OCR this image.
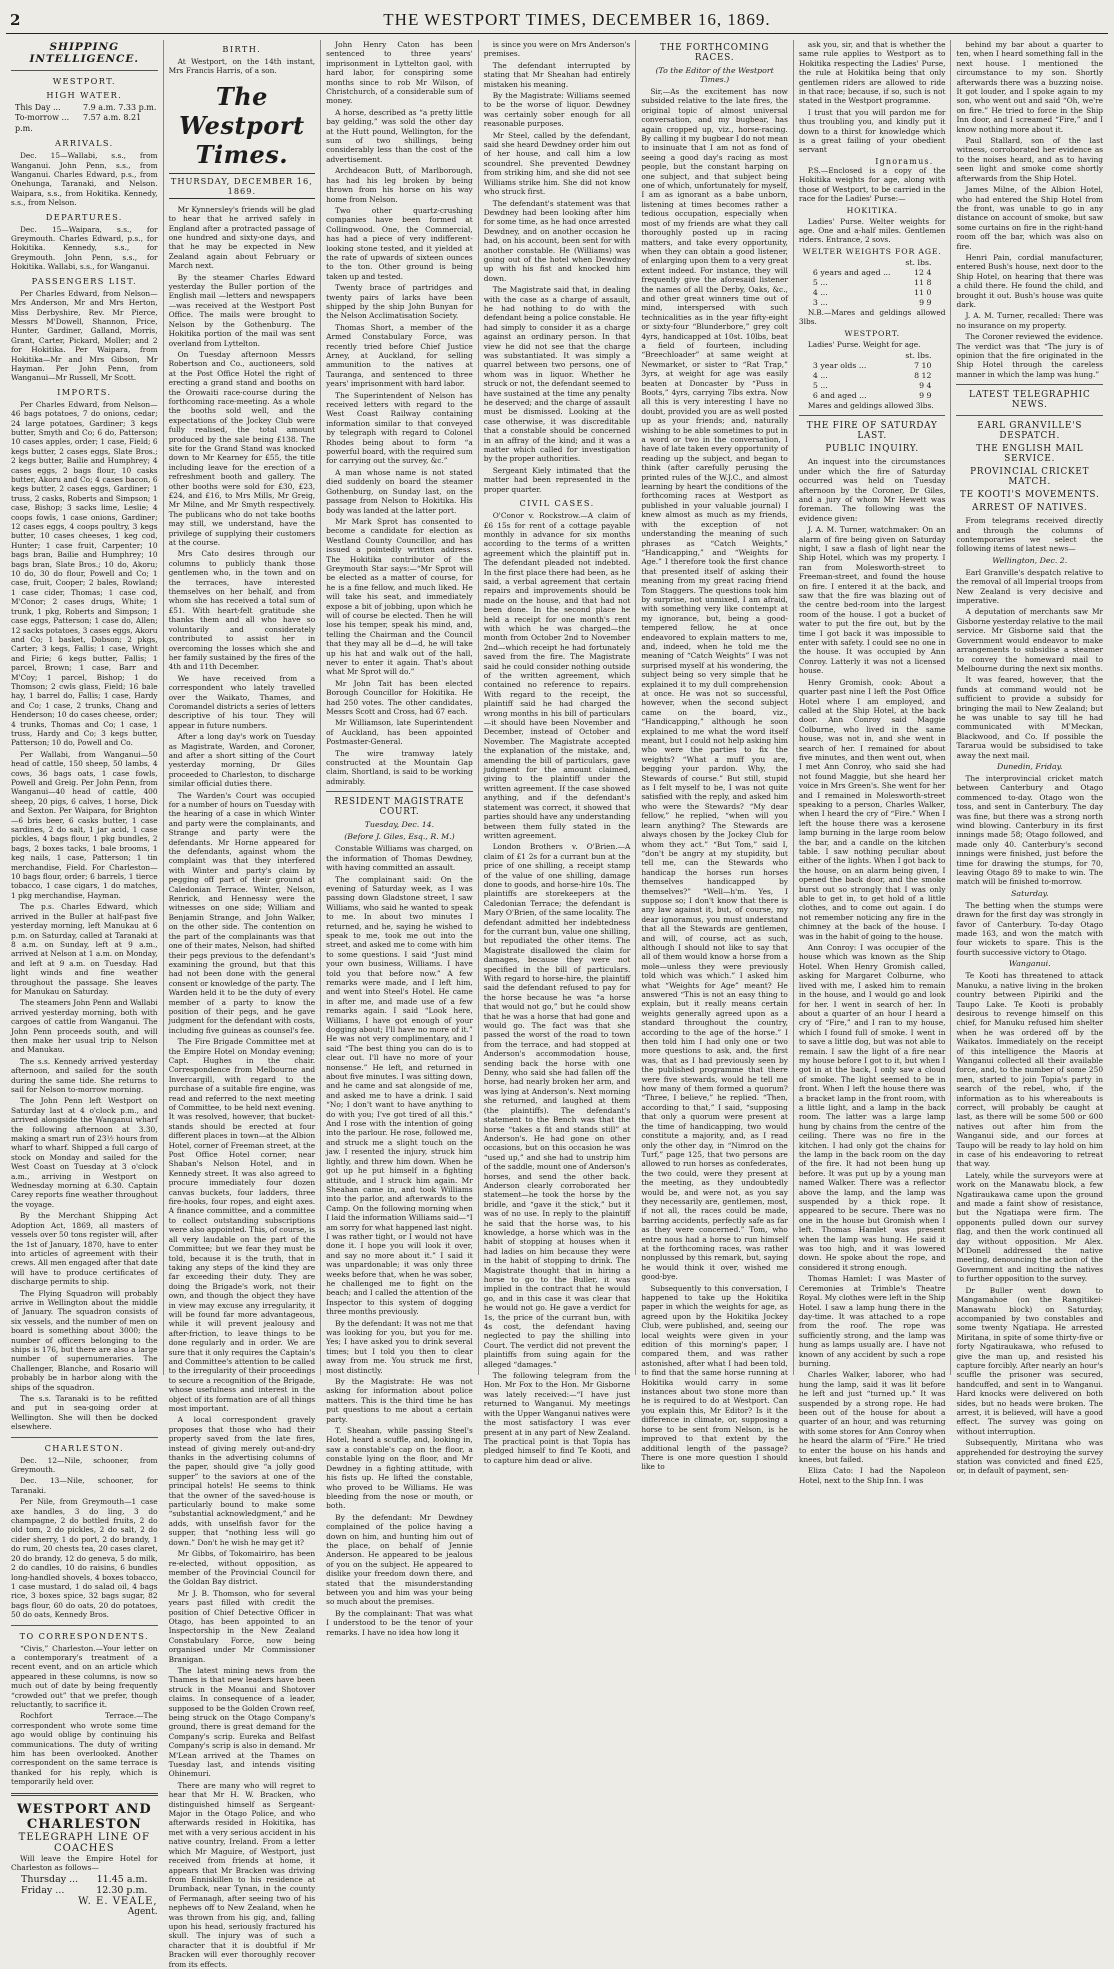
2	THE WESTPORT TIMES, DECEMBER 16, 1869.
SHIPPING INTELLIGENCE.
WESTPORT.
HIGH WATER.
This Day ...	7.9 a.m. 7.33 p.m.
To-morrow ... 7.57 a.m. 8.21 p.m.
ARRIVALS.

Dec. 15—Wallabi, s.s., from Wanganui. John Penn, s.s., from Wanganui. Charles Edward, p.s., from Onehunga, Taranaki, and Nelson. Waipara, s.s., from Hokitika. Kennedy, s.s., from Nelson.

DEPARTURES.

Dec. 15—Waipara, s.s., for Greymouth. Charles Edward, p.s., for Hokitika. Kennedy, s.s., for Greymouth. John Penn, s.s., for Hokitika. Wallabi, s.s., for Wanganui.

PASSENGERS LIST.

Per Charles Edward, from Nelson—Mrs Anderson, Mr and Mrs Herton, Miss Derbyshire, Rev. Mr Pierce, Messrs M'Dowell, Shannon, Price, Hunter, Gardiner, Galland, Morris, Grant, Carter, Pickard, Moller; and 2 for Hokitika. Per Waipara, from Hokitika—Mr and Mrs Gibson, Mr Hayman. Per John Penn, from Wanganui—Mr Russell, Mr Scott.

IMPORTS.

Per Charles Edward, from Nelson—46 bags potatoes, 7 do onions, cedar; 24 large potatoes, Gardiner; 3 kegs butter, Smyth and Co; 6 do, Patterson; 10 cases apples, order; 1 case, Field; 6 kegs butter, 2 cases eggs, Slate Bros.; 2 kegs butter, Bailie and Humphrey; 4 cases eggs, 2 bags flour, 10 casks butter, Akoru and Co; 4 cases bacon, 6 kegs butter, 2 cases eggs, Gardiner; 1 truss, 2 casks, Roberts and Simpson; 1 case, Bishop; 3 sacks lime, Leslie; 4 coops fowls, 1 case onions, Gardiner; 12 cases eggs, 4 coops poultry, 3 kegs butter, 10 cases cheeses, 1 keg cod, Hunter; 1 case fruit, Carpenter; 10 bags bran, Bailie and Humphrey; 10 bags bran, Slate Bros.; 10 do, Akoru; 10 do, 30 do flour, Powell and Co; 1 case, fruit, Cooper; 2 bales, Rowland; 1 case cider, Thomas; 1 case cod, M'Conor; 2 cases drugs, White; 1 trunk, 1 pkg, Roberts and Simpson; 1 case eggs, Patterson; 1 case do, Allen; 12 sacks potatoes, 3 cases eggs, Akoru and Co; 1 basket, Dobson; 2 pkgs, Carter; 3 kegs, Fallis; 1 case, Wright and Firie; 6 kegs butter, Fallis; 1 parcel, Brown; 1 case, Barr and M'Coy; 1 parcel, Bishop; 1 do Thomson; 2 cwls glass, Field; 16 bale hay, 1 barrel do, Fallis; 1 case, Hardy and Co; 1 case, 2 trunks, Chang and Henderson; 10 do cases cheese, order; 4 trunks, Thomas and Co; 1 case, 1 truss, Hardy and Co; 3 kegs butter, Patterson; 10 do, Powell and Co.

Per Wallabi, from Wanganui—50 head of cattle, 150 sheep, 50 lambs, 4 cows, 36 bags oats, 1 case fowls, Powell and Greig. Per John Penn, from Wanganui—40 head of cattle, 400 sheep, 20 pigs, 6 calves, 1 horse, Dick and Sexton. Per Waipara, for Brighton—6 bris beer, 6 casks butter, 1 case sardines, 2 do salt, 1 jar acid, 1 case pickles, 4 bags flour, 1 pkg bundles, 2 bags, 2 boxes tacks, 1 bale brooms, 1 keg nails, 1 case, Patterson; 1 tin merchandise, Field. For Charleston—10 bags flour, order; 6 barrels, 1 tierce tobacco, 1 case cigars, 1 do matches, 1 pkg merchandise, Hayman.

The p.s. Charles Edward, which arrived in the Buller at half-past five yesterday morning, left Manukau at 6 p.m. on Saturday, called at Taranaki at 8 a.m. on Sunday, left at 9 a.m., arrived at Nelson at 1 a.m. on Monday, and left at 9 a.m. on Tuesday. Had light winds and fine weather throughout the passage. She leaves for Manukau on Saturday.

The steamers John Penn and Wallabi arrived yesterday morning, both with cargoes of cattle from Wanganui. The John Penn proceeds south, and will then make her usual trip to Nelson and Manukau.

The s.s. Kennedy arrived yesterday afternoon, and sailed for the south during the same tide. She returns to sail for Nelson to-morrow morning.

The John Penn left Westport on Saturday last at 4 o'clock p.m., and arrived alongside the Wanganui wharf the following afternoon at 3.30, making a smart run of 23½ hours from wharf to wharf. Shipped a full cargo of stock on Monday and sailed for the West Coast on Tuesday at 3 o'clock a.m., arriving in Westport on Wednesday morning at 6.30. Captain Carey reports fine weather throughout the voyage.

By the Merchant Shipping Act Adoption Act, 1869, all masters of vessels over 50 tons register will, after the 1st of January, 1870, have to enter into articles of agreement with their crews. All men engaged after that date will have to produce certificates of discharge permits to ship.

The Flying Squadron will probably arrive in Wellington about the middle of January. The squadron consists of six vessels, and the number of men on board is something about 3000; the number of officers belonging to the ships is 176, but there are also a large number of supernumeraries. The Challenger, Blanche, and Rosario will probably be in harbor along with the ships of the squadron.

The s.s. Taranaki is to be refitted and put in sea-going order at Wellington. She will then be docked elsewhere.

CHARLESTON.

Dec. 12—Nile, schooner, from Greymouth.

Dec. 13—Nile, schooner, for Taranaki.

Per Nile, from Greymouth—1 case axe handles, 3 do ling, 3 do champagne, 2 do bottled fruits, 2 do old tom, 2 do pickles, 2 do salt, 2 do cider sherry, 1 do port, 2 do brandy, 1 do rum, 20 chests tea, 20 cases claret, 20 do brandy, 12 do geneva, 5 do milk, 2 do candles, 10 do raisins, 6 bundles long-handled shovels, 4 boxes tobacco, 1 case mustard, 1 do salad oil, 4 bags rice, 3 boxes spice, 32 bags sugar, 82 bags flour, 60 do oats, 20 do potatoes, 50 do oats, Kennedy Bros.

TO CORRESPONDENTS.

“Civis,” Charleston.—Your letter on a contemporary's treatment of a recent event, and on an article which appeared in these columns, is now so much out of date by being frequently “crowded out” that we prefer, though reluctantly, to sacrifice it.

Rochfort Terrace.—The correspondent who wrote some time ago would oblige by continuing his communications. The duty of writing him has been overlooked. Another correspondent on the same terrace is thanked for his reply, which is temporarily held over.

WESTPORT AND CHARLESTON
TELEGRAPH LINE OF
COACHES

Will leave the Empire Hotel for Charleston as follows—

Thursday ... 11.45 a.m.
Friday ...	12.30 p.m.
W. E. VEALE,
Agent.
BIRTH.

At Westport, on the 14th instant, Mrs Francis Harris, of a son.

The Westport Times.
THURSDAY, DECEMBER 16, 1869.

Mr Kynnersley's friends will be glad to hear that he arrived safely in England after a protracted passage of one hundred and sixty-one days, and that he may be expected in New Zealand again about February or March next.

By the steamer Charles Edward yesterday the Buller portion of the English mail —letters and newspapers—was received at the Westport Post Office. The mails were brought to Nelson by the Gothenburg. The Hokitika portion of the mail was sent overland from Lyttelton.

On Tuesday afternoon Messrs Robertson and Co., auctioneers, sold at the Post Office Hotel the right of erecting a grand stand and booths on the Orowaiti race-course during the forthcoming race-meeting. As a whole the booths sold well, and the expectations of the Jockey Club were fully realised, the total amount produced by the sale being £138. The site for the Grand Stand was knocked down to Mr Kearney for £55, the title including leave for the erection of a refreshment booth and gallery. The other booths were sold for £30, £23, £24, and £16, to Mrs Mills, Mr Greig, Mr Milne, and Mr Smyth respectively. The publicans who do not take booths may still, we understand, have the privilege of supplying their customers at the course.

Mrs Cato desires through our columns to publicly thank those gentlemen who, in the town and on the terraces, have interested themselves on her behalf, and from whom she has received a total sum of £51. With heart-felt gratitude she thanks them and all who have so voluntarily and considerately contributed to assist her in overcoming the losses which she and her family sustained by the fires of the 4th and 11th December.

We have received from a correspondent who lately travelled over the Waikato, Thames, and Coromandel districts a series of letters descriptive of his tour. They will appear in future numbers.

After a long day's work on Tuesday as Magistrate, Warden, and Coroner, and after a short sitting of the Court yesterday morning, Dr Giles proceeded to Charleston, to discharge similar official duties there.

The Warden's Court was occupied for a number of hours on Tuesday with the hearing of a case in which Winter and party were the complainants, and Strange and party were the defendants. Mr Horne appeared for the defendants, against whom the complaint was that they interfered with Winter and party's claim by pegging off part of their ground at Caledonian Terrace. Winter, Nelson, Renrick, and Hennessy were the witnesses on one side; William and Benjamin Strange, and John Walker, on the other side. The contention on the part of the complainants was that one of their mates, Nelson, had shifted their pegs previous to the defendant's examining the ground, but that this had not been done with the general consent or knowledge of the party. The Warden held it to be the duty of every member of a party to know the position of their pegs, and he gave judgment for the defendant with costs, including five guineas as counsel's fee.

The Fire Brigade Committee met at the Empire Hotel on Monday evening; Capt. Hughes in the chair. Correspondence from Melbourne and Invercargill, with regard to the purchase of a suitable fire engine, was read and referred to the next meeting of Committee, to be held next evening. It was resolved, however, that bucket-stands should be erected at four different places in town—at the Albion Hotel, corner of Freeman street, at the Post Office Hotel corner, near Shaban's Nelson Hotel, and in Kennedy street. It was also agreed to procure immediately four dozen canvas buckets, four ladders, three fire-hooks, four ropes, and eight axes. A finance committee, and a committee to collect outstanding subscriptions were also appointed. This, of course, is all very laudable on the part of the Committee; but we fear they must be told, because it is the truth, that in taking any steps of the kind they are far exceeding their duty. They are doing the Brigade's work, not their own, and though the object they have in view may excuse any irregularity, it will be found far more advantageous, while it will prevent jealousy and after-friction, to leave things to be done regularly and in order. We are sure that it only requires the Captain's and Committee's attention to be called to the irregularity of their proceedings to secure a recognition of the Brigade, whose usefulness and interest in the object of its formation are of all things most important.

A local correspondent gravely proposes that those who had their property saved from the late fires, instead of giving merely out-and-dry thanks in the advertising columns of the paper, should give “a jolly good supper” to the saviors at one of the principal hotels! He seems to think that the owner of the saved-house is particularly bound to make some “substantial acknowledgment,” and he adds, with unselfish favor for the supper, that “nothing less will go down.” Don't he wish he may get it?

Mr Gibbs, of Tokomairiro, has been re-elected, without opposition, as member of the Provincial Council for the Goldan Bay district.

Mr J. B. Thomson, who for several years past filled with credit the position of Chief Detective Officer in Otago, has been appointed to an Inspectorship in the New Zealand Constabulary Force, now being organised under Mr Commissioner Branigan.

The latest mining news from the Thames is that new leaders have been struck in the Moanui and Shotover claims. In consequence of a leader, supposed to be the Golden Crown reef, being struck on the Otago Company's ground, there is great demand for the Company's scrip. Eureka and Belfast Company's scrip is also in demand. Mr M'Lean arrived at the Thames on Tuesday last, and intends visiting Ohinemuri.

There are many who will regret to hear that Mr H. W. Bracken, who distinguished himself as Sergeant-Major in the Otago Police, and who afterwards resided in Hokitika, has met with a very serious accident in his native country, Ireland. From a letter which Mr Maguire, of Westport, just received from friends at home, it appears that Mr Bracken was driving from Enniskillen to his residence at Drumback, near Tynan, in the county of Fermanagh, after seeing two of his nephews off to New Zealand, when he was thrown from his gig, and, falling upon his head, seriously fractured his skull. The injury was of such a character that it is doubtful if Mr Bracken will ever thoroughly recover from its effects.

John Henry Caton has been sentenced to three years' imprisonment in Lyttelton gaol, with hard labor, for conspiring some months since to rob Mr Wilson, of Christchurch, of a considerable sum of money.

A horse, described as “a pretty little bay gelding,” was sold the other day at the Hutt pound, Wellington, for the sum of two shillings, being considerably less than the cost of the advertisement.

Archdeacon Butt, of Marlborough, has had his leg broken by being thrown from his horse on his way home from Nelson.

Two other quartz-crushing companies have been formed at Collingwood. One, the Commercial, has had a piece of very indifferent-looking stone tested, and it yielded at the rate of upwards of sixteen ounces to the ton. Other ground is being taken up and tested.

Twenty brace of partridges and twenty pairs of larks have been shipped by the ship John Bunyan for the Nelson Acclimatisation Society.

Thomas Short, a member of the Armed Constabulary Force, was recently tried before Chief Justice Arney, at Auckland, for selling ammunition to the natives at Tauranga, and sentenced to three years' imprisonment with hard labor.

The Superintendent of Nelson has received letters with regard to the West Coast Railway containing information similar to that conveyed by telegraph with regard to Colonel Rhodes being about to form “a powerful board, with the required sum for carrying out the survey, &c.”

A man whose name is not stated died suddenly on board the steamer Gothenburg, on Sunday last, on the passage from Nelson to Hokitika. His body was landed at the latter port.

Mr Mark Sprot has consented to become a candidate for election as Westland County Councillor, and has issued a pointedly written address. The Hokitika contributor of the Greymouth Star says:—“Mr Sprot will be elected as a matter of course, for he is a fine fellow, and much liked. He will take his seat, and immediately expose a bit of jobbing, upon which he will of course be elected. Then he will lose his temper, speak his mind, and, telling the Chairman and the Council that they may all be d—d, he will take up his hat and walk out of the hall, never to enter it again. That's about what Mr Sprot will do.”

Mr John Tait has been elected Borough Councillor for Hokitika. He had 250 votes. The other candidates, Messrs Scott and Cross, had 67 each.

Mr Williamson, late Superintendent of Auckland, has been appointed Postmaster-General.

The wire tramway lately constructed at the Mountain Gap claim, Shortland, is said to be working admirably.

RESIDENT MAGISTRATE COURT.
Tuesday, Dec. 14.
(Before J. Giles, Esq., R. M.)

Constable Williams was charged, on the information of Thomas Dewdney, with having committed an assault.

The complainant said: On the evening of Saturday week, as I was passing down Gladstone street, I saw Williams, who said he wanted to speak to me. In about two minutes I returned, and he, saying he wished to speak to me, took me out into the street, and asked me to come with him to some questions. I said “Just mind your own business, Williams. I have told you that before now.” A few remarks were made, and I left him, and went into Steel's Hotel. He came in after me, and made use of a few remarks again. I said “Look here, Williams, I have got enough of your dogging about; I'll have no more of it.” He was not very complimentary, and I said “The best thing you can do is to clear out. I'll have no more of your nonsense.” He left, and returned in about five minutes. I was sitting down, and he came and sat alongside of me, and asked me to have a drink. I said “No; I don't want to have anything to do with you; I've got tired of all this.” And I rose with the intention of going into the parlour. He rose, followed me, and struck me a slight touch on the jaw. I resented the injury, struck him lightly, and threw him down. When he got up he put himself in a fighting attitude, and I struck him again. Mr Sheahan came in, and took Williams into the parlor, and afterwards to the Camp. On the following morning when I laid the information Williams said—“I am sorry for what happened last night. I was rather tight, or I would not have done it. I hope you will look it over, and say no more about it.” I said it was unpardonable; it was only three weeks before that, when he was sober, he challenged me to fight on the beach; and I called the attention of the Inspector to this system of dogging three months previously.

By the defendant: It was not me that was looking for you, but you for me. Yes; I have asked you to drink several times; but I told you then to clear away from me. You struck me first, most distinctly.

By the Magistrate: He was not asking for information about police matters. This is the third time he has put questions to me about a certain party.

T. Sheahan, while passing Steel's Hotel, heard a scuffle, and, looking in, saw a constable's cap on the floor, a constable lying on the floor, and Mr Dewdney in a fighting attitude, with his fists up. He lifted the constable, who proved to be Williams. He was bleeding from the nose or mouth, or both.

By the defendant: Mr Dewdney complained of the police having a down on him, and hunting him out of the place, on behalf of Jennie Anderson. He appeared to be jealous of you on the subject. He appeared to dislike your freedom down there, and stated that the misunderstanding between you and him was your being so much about the premises.

By the complainant: That was what I understood to be the tenor of your remarks. I have no idea how long it

is since you were on Mrs Anderson's premises.

The defendant interrupted by stating that Mr Sheahan had entirely mistaken his meaning.

By the Magistrate: Williams seemed to be the worse of liquor. Dewdney was certainly sober enough for all reasonable purposes.

Mr Steel, called by the defendant, said she heard Dewdney order him out of her house, and call him a low scoundrel. She prevented Dewdney from striking him, and she did not see Williams strike him. She did not know who struck first.

The defendant's statement was that Dewdney had been looking after him for some time, as he had once arrested Dewdney, and on another occasion he had, on his account, been sent for with another constable. He (Williams) was going out of the hotel when Dewdney up with his fist and knocked him down.

The Magistrate said that, in dealing with the case as a charge of assault, he had nothing to do with the defendant being a police constable. He had simply to consider it as a charge against an ordinary person. In that view he did not see that the charge was substantiated. It was simply a quarrel between two persons, one of whom was in liquor. Whether he struck or not, the defendant seemed to have sustained at the time any penalty he deserved; and the charge of assault must be dismissed. Looking at the case otherwise, it was discreditable that a constable should be concerned in an affray of the kind; and it was a matter which called for investigation by the proper authorities.

Sergeant Kiely intimated that the matter had been represented in the proper quarter.

CIVIL CASES.

O'Conor v. Rockstrow.—A claim of £6 15s for rent of a cottage payable monthly in advance for six months according to the terms of a written agreement which the plaintiff put in. The defendant pleaded not indebted. In the first place there had been, as he said, a verbal agreement that certain repairs and improvements should be made on the house, and that had not been done. In the second place he held a receipt for one month's rent with which he was charged—the month from October 2nd to November 2nd—which receipt he had fortunately saved from the fire. The Magistrate said he could consider nothing outside of the written agreement, which contained no reference to repairs. With regard to the receipt, the plaintiff said he had charged the wrong months in his bill of particulars—it should have been November and December, instead of October and November. The Magistrate accepted the explanation of the mistake, and, amending the bill of particulars, gave judgment for the amount claimed, giving to the plaintiff under the written agreement. If the case showed anything, and if the defendant's statement was correct, it showed that parties should have any understanding between them fully stated in the written agreement.

London Brothers v. O'Brien.—A claim of £1 2s for a currant bun at the price of one shilling, a receipt stamp of the value of one shilling, damage done to goods, and horse-hire 10s. The plaintiffs are storekeepers at the Caledonian Terrace; the defendant is Mary O'Brien, of the same locality. The defendant admitted her indebtedness for the currant bun, value one shilling, but repudiated the other items. The Magistrate disallowed the claim for damages, because they were not specified in the bill of particulars. With regard to horse-hire, the plaintiff said the defendant refused to pay for the horse because he was “a horse that would not go,” but he could show that he was a horse that had gone and would go. The fact was that she passed the worst of the road to town from the terrace, and had stopped at Anderson's accommodation house, sending back the horse with one Denny, who said she had fallen off the horse, had nearly broken her arm, and was lying at Anderson's. Next morning she returned, and laughed at them (the plaintiffs). The defendant's statement to the Bench was that the horse “takes a fit and stands still” at Anderson's. He had gone on other occasions, but on this occasion he was “used up,” and she had to unstrip him of the saddle, mount one of Anderson's horses, and send the other back. Anderson clearly corroborated her statement—he took the horse by the bridle, and “gave it the stick,” but it was of no use. In reply to the plaintiff he said that the horse was, to his knowledge, a horse which was in the habit of stopping at houses when it had ladies on him because they were in the habit of stopping to drink. The Magistrate thought that in hiring a horse to go to the Buller, it was implied in the contract that he would go, and in this case it was clear that he would not go. He gave a verdict for 1s, the price of the currant bun, with 4s cost, the defendant having neglected to pay the shilling into Court. The verdict did not prevent the plaintiffs from suing again for the alleged “damages.”

The following telegram from the Hon. Mr Fox to the Hon. Mr Gisborne was lately received:—“I have just returned to Wanganui. My meetings with the Upper Wanganui natives were the most satisfactory I was ever present at in any part of New Zealand. The practical point is that Topia has pledged himself to find Te Kooti, and to capture him dead or alive.

THE FORTHCOMING RACES.
(To the Editor of the Westport Times.)

Sir,—As the excitement has now subsided relative to the late fires, the original topic of almost universal conversation, and my bugbear, has again cropped up, viz., horse-racing. By calling it my bugbear I do not mean to insinuate that I am not as fond of seeing a good day's racing as most people, but the constant harping on one subject, and that subject being one of which, unfortunately for myself, I am as ignorant as a babe unborn, listening at times becomes rather a tedious occupation, especially when most of my friends are what they call thoroughly posted up in racing matters, and take every opportunity, when they can obtain a good listener, of enlarging upon them to a very great extent indeed. For instance, they will frequently give the aforesaid listener the names of all the Derby, Oaks, &c., and other great winners time out of mind, interspersed with such technicalities as in the year fifty-eight or sixty-four “Blunderbore,” grey colt 4yrs, handicapped at 10st. 10lbs, beat a field of fourteen, including “Breechloader” at same weight at Newmarket, or sister to “Rat Trap,” 3yrs, at weight for age was easily beaten at Doncaster by “Puss in Boots,” 4yrs, carrying 7lbs extra. Now all this is very interesting I have no doubt, provided you are as well posted up as your friends; and, naturally wishing to be able sometimes to put in a word or two in the conversation, I have of late taken every opportunity of reading up the subject, and began to think (after carefully perusing the printed rules of the W.J.C., and almost learning by heart the conditions of the forthcoming races at Westport as published in your valuable journal) I knew almost as much as my friends, with the exception of not understanding the meaning of such phrases as “Catch Weights,” “Handicapping,” and “Weights for Age.” I therefore took the first chance that presented itself of asking their meaning from my great racing friend Tom Staggers. The questions took him by surprise, not unmixed, I am afraid, with something very like contempt at my ignorance, but, being a good-tempered fellow, he at once endeavored to explain matters to me, and, indeed, when he told me the meaning of “Catch Weights” I was not surprised myself at his wondering, the subject being so very simple that he explained it to my dull comprehension at once. He was not so successful, however, when the second subject came on the board, viz., “Handicapping,” although he soon explained to me what the word itself meant, but I could not help asking him who were the parties to fix the weights? “What a muff you are, begging your pardon. Why, the Stewards of course.” But still, stupid as I felt myself to be, I was not quite satisfied with the reply, and asked him who were the Stewards? “My dear fellow,” he replied, “when will you learn anything? The Stewards are always chosen by the Jockey Club for whom they act.” “But Tom,” said I, “don't be angry at my stupidity, but tell me, can the Stewards who handicap the horses run horses themselves handicapped by themselves?” “Well—h'm. Yes, I suppose so; I don't know that there is any law against it, but, of course, my dear ignoramus, you must understand that all the Stewards are gentlemen, and will, of course, act as such, although I should not like to say that all of them would know a horse from a mole—unless they were previously told which was which.” I asked him what “Weights for Age” meant? He answered “This is not an easy thing to explain, but it really means certain weights generally agreed upon as a standard throughout the country, according to the age of the horse.” I then told him I had only one or two more questions to ask, and, the first was, that as I had previously seen by the published programme that there were five stewards, would he tell me how many of them formed a quorum? “Three, I believe,” he replied. “Then, according to that,” I said, “supposing that only a quorum were present at the time of handicapping, two would constitute a majority, and, as I read only the other day, in “Nimrod on the Turf,” page 125, that two persons are allowed to run horses as confederates, the two could, were they present at the meeting, as they undoubtedly would be, and were not, as you say they necessarily are, gentlemen, most, if not all, the races could be made, barring accidents, perfectly safe as far as they were concerned.” Tom, who entre nous had a horse to run himself at the forthcoming races, was rather nonplussed by this remark, but, saying he would think it over, wished me good-bye.

Subsequently to this conversation, I happened to take up the Hokitika paper in which the weights for age, as agreed upon by the Hokitika Jockey Club, were published, and, seeing our local weights were given in your edition of this morning's paper, I compared them, and was rather astonished, after what I had been told, to find that the same horse running at Hokitika would carry in some instances about two stone more than he is required to do at Westport. Can you explain this, Mr Editor? Is it the difference in climate, or, supposing a horse to be sent from Nelson, is he improved to that extent by the additional length of the passage? There is one more question I should like to

ask you, sir, and that is whether the same rule applies to Westport as to Hokitika respecting the Ladies' Purse, the rule at Hokitika being that only gentlemen riders are allowed to ride in that race; because, if so, such is not stated in the Westport programme.

I trust that you will pardon me for thus troubling you, and kindly put it down to a thirst for knowledge which is a great failing of your obedient servant

Ignoramus.

P.S.—Enclosed is a copy of the Hokitika weights for age, along with those of Westport, to be carried in the race for the Ladies' Purse:—

HOKITIKA.

Ladies' Purse. Welter weights for age. One and a-half miles. Gentlemen riders. Entrance, 2 sovs.

WELTER WEIGHTS FOR AGE.
st. lbs.
6 years and aged ...	12 4
5 ...	11 8
4 ...	11 0
3 ...	9 9

N.B.—Mares and geldings allowed 3lbs.

WESTPORT.

Ladies' Purse. Weight for age.

st. lbs.
3 year olds ...	7 10
4 ...	8 12
5 ...	9 4
6 and aged ...	9 9

Mares and geldings allowed 3lbs.

THE FIRE OF SATURDAY LAST.
PUBLIC INQUIRY.

An inquest into the circumstances under which the fire of Saturday occurred was held on Tuesday afternoon by the Coroner, Dr Giles, and a jury of whom Mr Hewett was foreman. The following was the evidence given:

J. A. M. Turner, watchmaker: On an alarm of fire being given on Saturday night, I saw a flash of light near the Ship Hotel, which was my property. I ran from Molesworth-street to Freeman-street, and found the house on fire. I entered it at the back, and saw that the fire was blazing out of the centre bed-room into the largest room of the house. I got a bucket of water to put the fire out, but by the time I got back it was impossible to enter with safety. I could see no one in the house. It was occupied by Ann Conroy. Latterly it was not a licensed house.

Henry Gromish, cook: About a quarter past nine I left the Post Office Hotel where I am employed, and called at the Ship Hotel, at the back door. Ann Conroy said Maggie Colburne, who lived in the same house, was not in, and she went in search of her. I remained for about five minutes, and then went out, when I met Ann Conroy, who said she had not found Maggie, but she heard her voice in Mrs Green's. She went for her and I remained in Molesworth-street speaking to a person, Charles Walker, when I heard the cry of “Fire.” When I left the house there was a kerosene lamp burning in the large room below the bar, and a candle on the kitchen table. I saw nothing peculiar about either of the lights. When I got back to the house, on an alarm being given, I opened the back door, and the smoke burst out so strongly that I was only able to get in, to get hold of a little clothes, and to come out again. I do not remember noticing any fire in the chimney at the back of the house. I was in the habit of going to the house.

Ann Conroy: I was occupier of the house which was known as the Ship Hotel. When Henry Gromish called, asking for Margaret Colburne, who lived with me, I asked him to remain in the house, and I would go and look for her. I went in search of her. In about a quarter of an hour I heard a cry of “Fire,” and I ran to my house, which I found full of smoke. I went in to save a little dog, but was not able to remain. I saw the light of a fire near my house before I got to it, but when I got in at the back, I only saw a cloud of smoke. The light seemed to be in front. When I left the house there was a bracket lamp in the front room, with a little light, and a lamp in the back room. The latter was a large lamp hung by chains from the centre of the ceiling. There was no fire in the kitchen. I had only got the chains for the lamp in the back room on the day of the fire. It had not been hung up before. It was put up by a young man named Walker. There was a reflector above the lamp, and the lamp was suspended by a thick rope. It appeared to be secure. There was no one in the house but Gromish when I left. Thomas Hamlet was present when the lamp was hung. He said it was too high, and it was lowered down. He spoke about the rope, and considered it strong enough.

Thomas Hamlet: I was Master of Ceremonies at Trimble's Theatre Royal. My clothes were left in the Ship Hotel. I saw a lamp hung there in the day-time. It was attached to a rope from the roof. The rope was sufficiently strong, and the lamp was hung as lamps usually are. I have not known of any accident by such a rope burning.

Charles Walker, laborer, who had hung the lamp, said it was lit before he left and just “turned up.” It was suspended by a strong rope. He had been out of the house for about a quarter of an hour, and was returning with some stores for Ann Conroy when he heard the alarm of “Fire.” He tried to enter the house on his hands and knees, but failed.

Eliza Cato: I had the Napoleon Hotel, next to the Ship Inn. I was

behind my bar about a quarter to ten, when I heard something fall in the next house. I mentioned the circumstance to my son. Shortly afterwards there was a buzzing noise. It got louder, and I spoke again to my son, who went out and said “Oh, we're on fire.” He tried to force in the Ship Inn door, and I screamed “Fire,” and I know nothing more about it.

Paul Stallard, son of the last witness, corroborated her evidence as to the noises heard, and as to having seen light and smoke come shortly afterwards from the Ship Hotel.

James Milne, of the Albion Hotel, who had entered the Ship Hotel from the front, was unable to go in any distance on account of smoke, but saw some curtains on fire in the right-hand room off the bar, which was also on fire.

Henri Pain, cordial manufacturer, entered Bush's house, next door to the Ship Hotel, on hearing that there was a child there. He found the child, and brought it out. Bush's house was quite dark.

J. A. M. Turner, recalled: There was no insurance on my property.

The Coroner reviewed the evidence. The verdict was that “The jury is of opinion that the fire originated in the Ship Hotel through the careless manner in which the lamp was hung.”

LATEST TELEGRAPHIC NEWS.
EARL GRANVILLE'S DESPATCH.
THE ENGLISH MAIL SERVICE.
PROVINCIAL CRICKET MATCH.
TE KOOTI'S MOVEMENTS.
ARREST OF NATIVES.

From telegrams received directly and through the columns of contemporaries we select the following items of latest news—

Wellington, Dec. 2.

Earl Granville's despatch relative to the removal of all Imperial troops from New Zealand is very decisive and imperative.

A deputation of merchants saw Mr Gisborne yesterday relative to the mail service. Mr Gisborne said that the Government would endeavor to make arrangements to subsidise a steamer to convey the homeward mail to Melbourne during the next six months.

It was feared, however, that the funds at command would not be sufficient to provide a subsidy for bringing the mail to New Zealand; but he was unable to say till he had communicated with M'Meckan, Blackwood, and Co. If possible the Tararua would be subsidised to take away the next mail.

Dunedin, Friday.

The interprovincial cricket match between Canterbury and Otago commenced to-day. Otago won the toss, and sent in Canterbury. The day was fine, but there was a strong north wind blowing. Canterbury in its first innings made 58; Otago followed, and made only 40. Canterbury's second innings were finished, just before the time for drawing the stumps, for 70, leaving Otago 89 to make to win. The match will be finished to-morrow.

Saturday.

The betting when the stumps were drawn for the first day was strongly in favor of Canterbury. To-day Otago made 163, and won the match with four wickets to spare. This is the fourth successive victory to Otago.

Wanganui.

Te Kooti has threatened to attack Manuku, a native living in the broken country between Pipiriki and the Taupo Lake. Te Kooti is probably desirous to revenge himself on this chief, for Manuku refused him shelter when he was ordered off by the Waikatos. Immediately on the receipt of this intelligence the Maoris at Wanganui collected all their available force, and, to the number of some 250 men, started to join Topia's party in search of the rebel, who, if the information as to his whereabouts is correct, will probably be caught at last, as there will be some 500 or 600 natives out after him from the Wanganui side, and our forces at Taupo will be ready to lay hold on him in case of his endeavoring to retreat that way.

Lately, while the surveyors were at work on the Manawatu block, a few Ngatiraukawa came upon the ground and made a faint show of resistance, but the Ngatiapa were firm. The opponents pulled down our survey flag, and then the work continued all day without opposition. Mr Alex. M'Donell addressed the native meeting, denouncing the action of the Government and inciting the natives to further opposition to the survey.

Dr Buller went down to Mangamahoe (on the Rangitikei-Manawatu block) on Saturday, accompanied by two constables and some twenty Ngatiapa. He arrested Miritana, in spite of some thirty-five or forty Ngatiraukawa, who refused to give the man up, and resisted his capture forcibly. After nearly an hour's scuffle the prisoner was secured, handcuffed, and sent in to Wanganui. Hard knocks were delivered on both sides, but no heads were broken. The arrest, it is believed, will have a good effect. The survey was going on without interruption.

Subsequently, Miritana who was apprehended for destroying the survey station was convicted and fined £25, or, in default of payment, sen-
